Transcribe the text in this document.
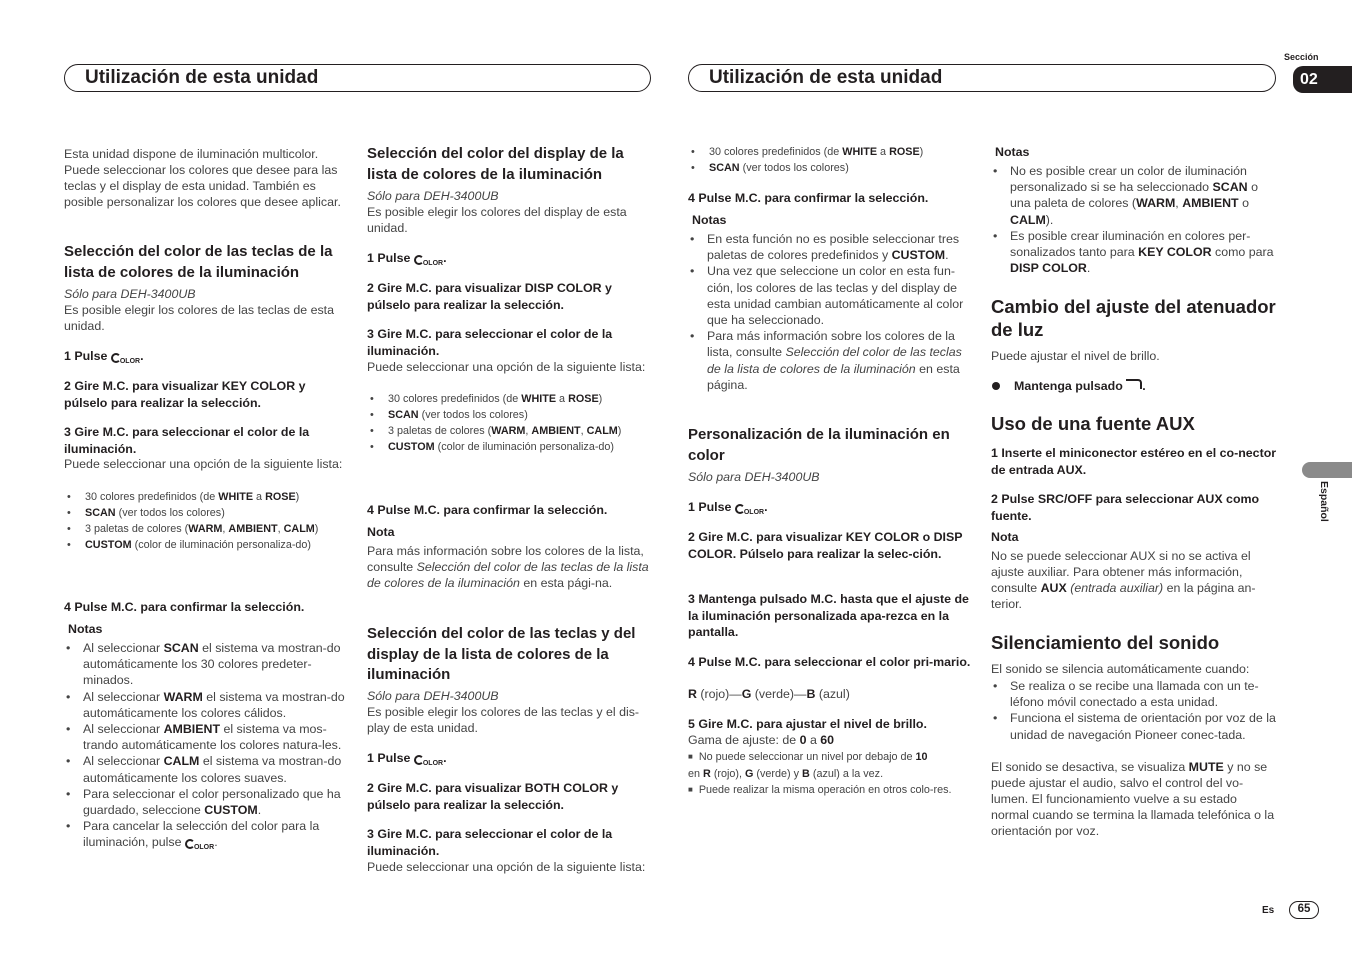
Utilización de esta unidad	Utilización de esta unidad
Sección
02
Español
Esta unidad dispone de iluminación multicolor. Puede seleccionar los colores que desee para las teclas y el display de esta unidad. También es posible personalizar los colores que desee aplicar.
Selección del color de las teclas de la lista de colores de la iluminación
Sólo para DEH-3400UB
Es posible elegir los colores de las teclas de esta unidad.
1 Pulse OLOR .
2 Gire M.C. para visualizar KEY COLOR y púlselo para realizar la selección.
3 Gire M.C. para seleccionar el color de la iluminación.
Puede seleccionar una opción de la siguiente lista:
• 30 colores predefinidos (de WHITE a ROSE)
• SCAN (ver todos los colores)
• 3 paletas de colores (WARM, AMBIENT, CALM)
• CUSTOM (color de iluminación personaliza-do)
4 Pulse M.C. para confirmar la selección.
Notas
• Al seleccionar SCAN el sistema va mostran-do automáticamente los 30 colores predeter-minados.
• Al seleccionar WARM el sistema va mostran-do automáticamente los colores cálidos.
• Al seleccionar AMBIENT el sistema va mos-trando automáticamente los colores natura-les.
• Al seleccionar CALM el sistema va mostran-do automáticamente los colores suaves.
• Para seleccionar el color personalizado que ha guardado, seleccione CUSTOM.
• Para cancelar la selección del color para la iluminación, pulse OLOR .
Selección del color del display de la lista de colores de la iluminación
Sólo para DEH-3400UB
Es posible elegir los colores del display de esta unidad.
1 Pulse OLOR .
2 Gire M.C. para visualizar DISP COLOR y púlselo para realizar la selección.
3 Gire M.C. para seleccionar el color de la iluminación.
Puede seleccionar una opción de la siguiente lista:
• 30 colores predefinidos (de WHITE a ROSE)
• SCAN (ver todos los colores)
• 3 paletas de colores (WARM, AMBIENT, CALM)
• CUSTOM (color de iluminación personaliza-do)
4 Pulse M.C. para confirmar la selección.
Nota
Para más información sobre los colores de la lista, consulte Selección del color de las teclas de la lista de colores de la iluminación en esta pági-na.
Selección del color de las teclas y del display de la lista de colores de la iluminación
Sólo para DEH-3400UB
Es posible elegir los colores de las teclas y el dis-play de esta unidad.
1 Pulse OLOR .
2 Gire M.C. para visualizar BOTH COLOR y púlselo para realizar la selección.
3 Gire M.C. para seleccionar el color de la iluminación.
Puede seleccionar una opción de la siguiente lista:
• 30 colores predefinidos (de WHITE a ROSE)
• SCAN (ver todos los colores)
4 Pulse M.C. para confirmar la selección.
Notas
• En esta función no es posible seleccionar tres paletas de colores predefinidos y CUSTOM.
• Una vez que seleccione un color en esta fun-ción, los colores de las teclas y del display de esta unidad cambian automáticamente al color que ha seleccionado.
• Para más información sobre los colores de la lista, consulte Selección del color de las teclas de la lista de colores de la iluminación en esta página.
Personalización de la iluminación en color
Sólo para DEH-3400UB
1 Pulse OLOR .
2 Gire M.C. para visualizar KEY COLOR o DISP COLOR. Púlselo para realizar la selec-ción.
3 Mantenga pulsado M.C. hasta que el ajuste de la iluminación personalizada apa-rezca en la pantalla.
4 Pulse M.C. para seleccionar el color pri-mario.
R (rojo)—G (verde)—B (azul)
5 Gire M.C. para ajustar el nivel de brillo.
Gama de ajuste: de 0 a 60
■ No puede seleccionar un nivel por debajo de 10
en R (rojo), G (verde) y B (azul) a la vez.
■ Puede realizar la misma operación en otros colo-res.
Notas
• No es posible crear un color de iluminación personalizado si se ha seleccionado SCAN o una paleta de colores (WARM, AMBIENT o CALM).
• Es posible crear iluminación en colores per-sonalizados tanto para KEY COLOR como para DISP COLOR.
Cambio del ajuste del atenuador de luz
Puede ajustar el nivel de brillo.
Mantenga pulsado .
Uso de una fuente AUX
1 Inserte el miniconector estéreo en el co-nector de entrada AUX.
2 Pulse SRC/OFF para seleccionar AUX como fuente.
Nota
No se puede seleccionar AUX si no se activa el ajuste auxiliar. Para obtener más información, consulte AUX (entrada auxiliar) en la página an-terior.
Silenciamiento del sonido
El sonido se silencia automáticamente cuando:
• Se realiza o se recibe una llamada con un te-léfono móvil conectado a esta unidad.
• Funciona el sistema de orientación por voz de la unidad de navegación Pioneer conec-tada.
El sonido se desactiva, se visualiza MUTE y no se puede ajustar el audio, salvo el control del vo-lumen. El funcionamiento vuelve a su estado normal cuando se termina la llamada telefónica o la orientación por voz.
Es	65
